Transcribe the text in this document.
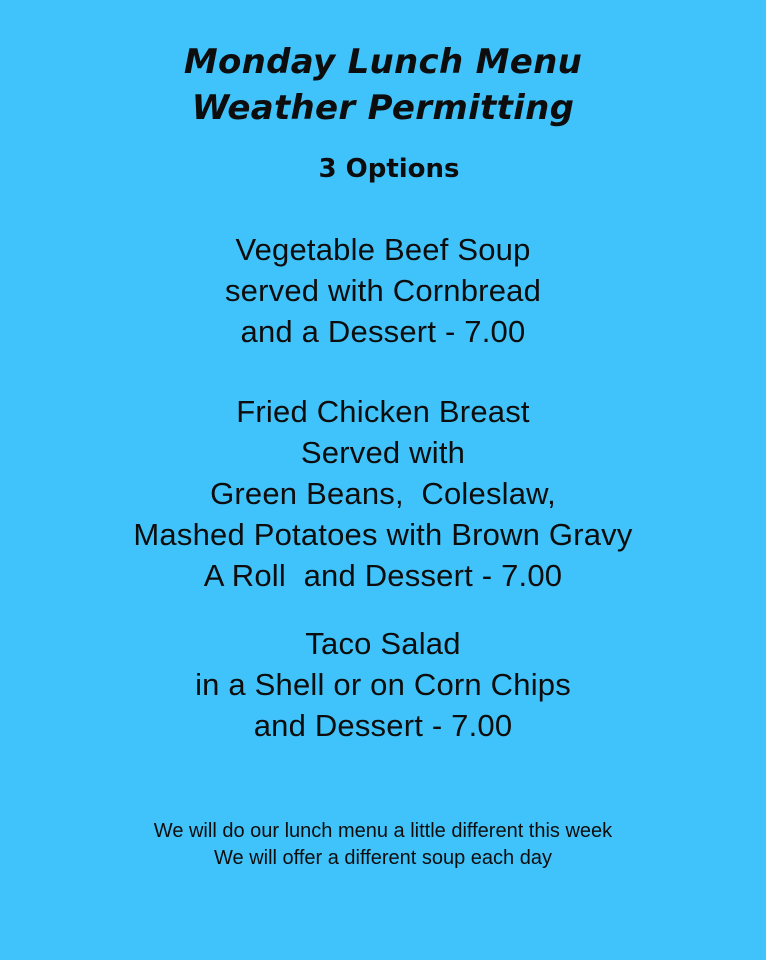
Monday Lunch Menu
Weather Permitting
3 Options
Vegetable Beef Soup
served with Cornbread
and a Dessert - 7.00
Fried Chicken Breast
Served with
Green Beans,  Coleslaw,
Mashed Potatoes with Brown Gravy
A Roll  and Dessert - 7.00
Taco Salad
in a Shell or on Corn Chips
and Dessert - 7.00
We will do our lunch menu a little different this week
We will offer a different soup each day
